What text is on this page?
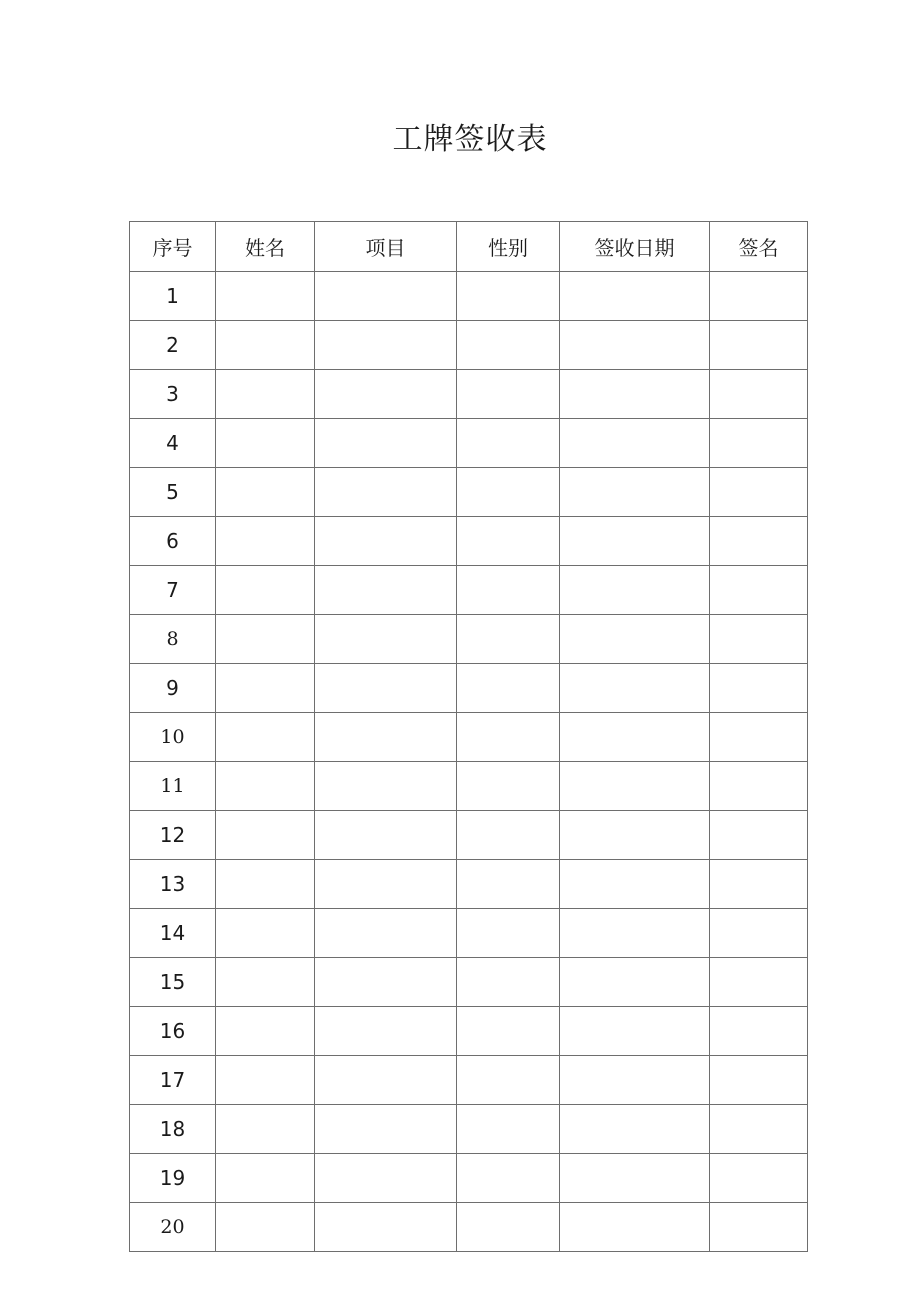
工牌签收表
序号	姓名	项目	性别	签收日期	签名
1					
2					
3					
4					
5					
6					
7					
8					
9					
10					
11					
12					
13					
14					
15					
16					
17					
18					
19					
20					
